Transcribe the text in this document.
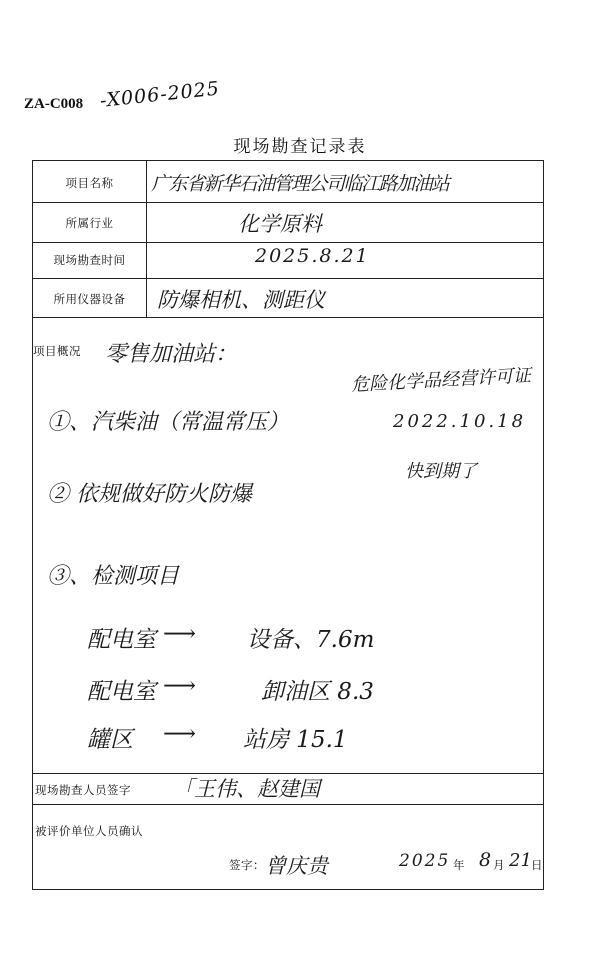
ZA-C008 -X006-2025
现场勘查记录表
项目名称	广东省新华石油管理公司临江路加油站
所属行业	化学原料
现场勘查时间	2025.8.21
所用仪器设备	防爆相机、测距仪
项目概况 零售加油站：
危险化学品经营许可证
2022.10.18
快到期了
①、汽柴油（常温常压）
② 依规做好防火防爆
③、检测项目
配电室 ⟶ 设备、7.6m
配电室 ⟶	卸油区 8.3
罐区 ⟶ 站房 15.1
现场勘查人员签字 「王伟、赵建国
被评价单位人员确认
签字： 曾庆贵	2025 年 8 月 21 日
